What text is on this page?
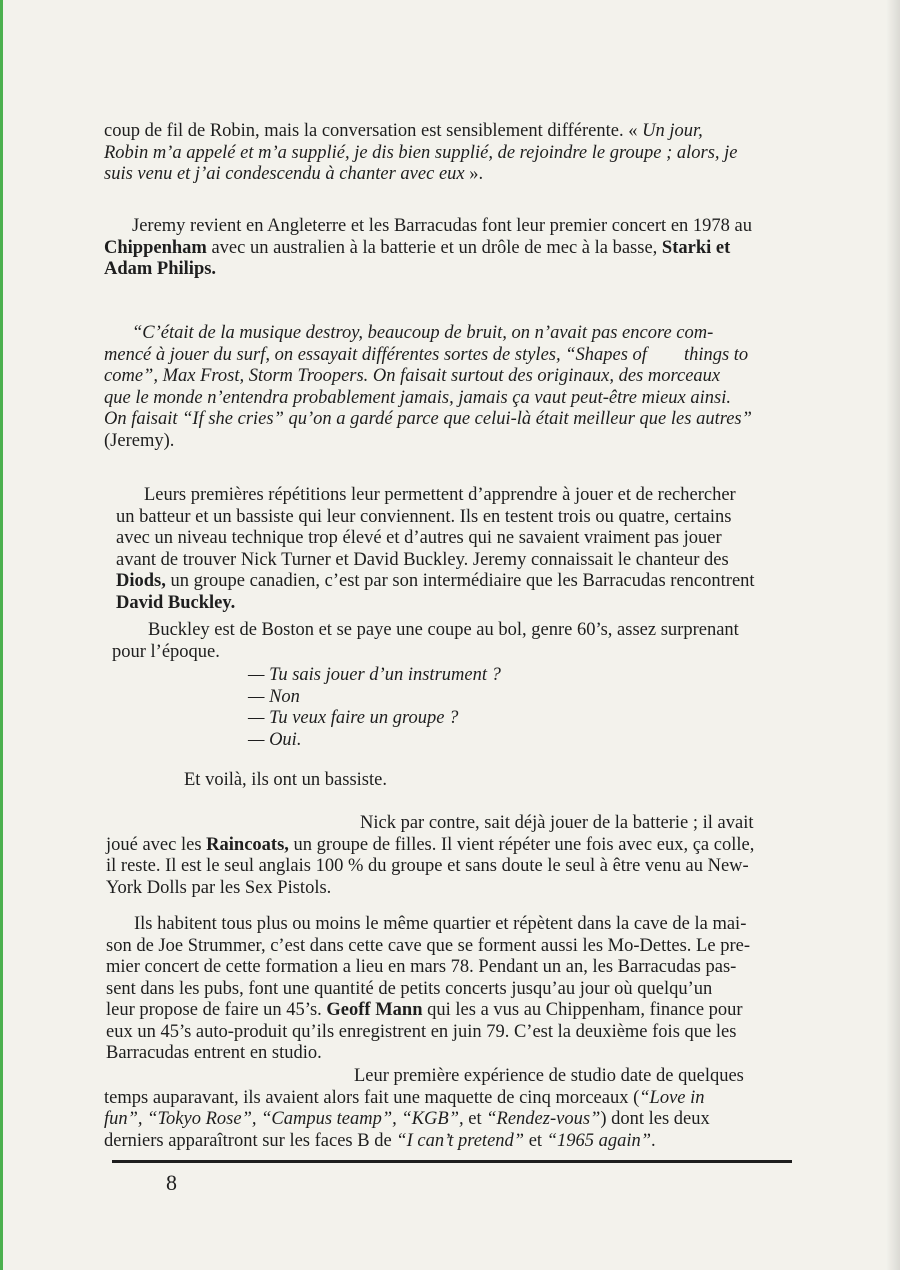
coup de fil de Robin, mais la conversation est sensiblement différente. « Un jour,
Robin m’a appelé et m’a supplié, je dis bien supplié, de rejoindre le groupe ; alors, je
suis venu et j’ai condescendu à chanter avec eux ».
Jeremy revient en Angleterre et les Barracudas font leur premier concert en 1978 au
Chippenham avec un australien à la batterie et un drôle de mec à la basse, Starki et
Adam Philips.
“C’était de la musique destroy, beaucoup de bruit, on n’avait pas encore com-
mencé à jouer du surf, on essayait différentes sortes de styles, “Shapes of        things to
come”, Max Frost, Storm Troopers. On faisait surtout des originaux, des morceaux
que le monde n’entendra probablement jamais, jamais ça vaut peut-être mieux ainsi.
On faisait “If she cries” qu’on a gardé parce que celui-là était meilleur que les autres”
(Jeremy).
Leurs premières répétitions leur permettent d’apprendre à jouer et de rechercher
un batteur et un bassiste qui leur conviennent. Ils en testent trois ou quatre, certains
avec un niveau technique trop élevé et d’autres qui ne savaient vraiment pas jouer
avant de trouver Nick Turner et David Buckley. Jeremy connaissait le chanteur des
Diods, un groupe canadien, c’est par son intermédiaire que les Barracudas rencontrent
David Buckley.
Buckley est de Boston et se paye une coupe au bol, genre 60’s, assez surprenant
pour l’époque.
— Tu sais jouer d’un instrument ?
— Non
— Tu veux faire un groupe ?
— Oui.
Et voilà, ils ont un bassiste.
Nick par contre, sait déjà jouer de la batterie ; il avait
joué avec les Raincoats, un groupe de filles. Il vient répéter une fois avec eux, ça colle,
il reste. Il est le seul anglais 100 % du groupe et sans doute le seul à être venu au New-
York Dolls par les Sex Pistols.
Ils habitent tous plus ou moins le même quartier et répètent dans la cave de la mai-
son de Joe Strummer, c’est dans cette cave que se forment aussi les Mo-Dettes. Le pre-
mier concert de cette formation a lieu en mars 78. Pendant un an, les Barracudas pas-
sent dans les pubs, font une quantité de petits concerts jusqu’au jour où quelqu’un
leur propose de faire un 45’s. Geoff Mann qui les a vus au Chippenham, finance pour
eux un 45’s auto-produit qu’ils enregistrent en juin 79. C’est la deuxième fois que les
Barracudas entrent en studio.
Leur première expérience de studio date de quelques
temps auparavant, ils avaient alors fait une maquette de cinq morceaux (“Love in
fun”, “Tokyo Rose”, “Campus teamp”, “KGB”, et “Rendez-vous”) dont les deux
derniers apparaîtront sur les faces B de “I can’t pretend” et “1965 again”.
8
